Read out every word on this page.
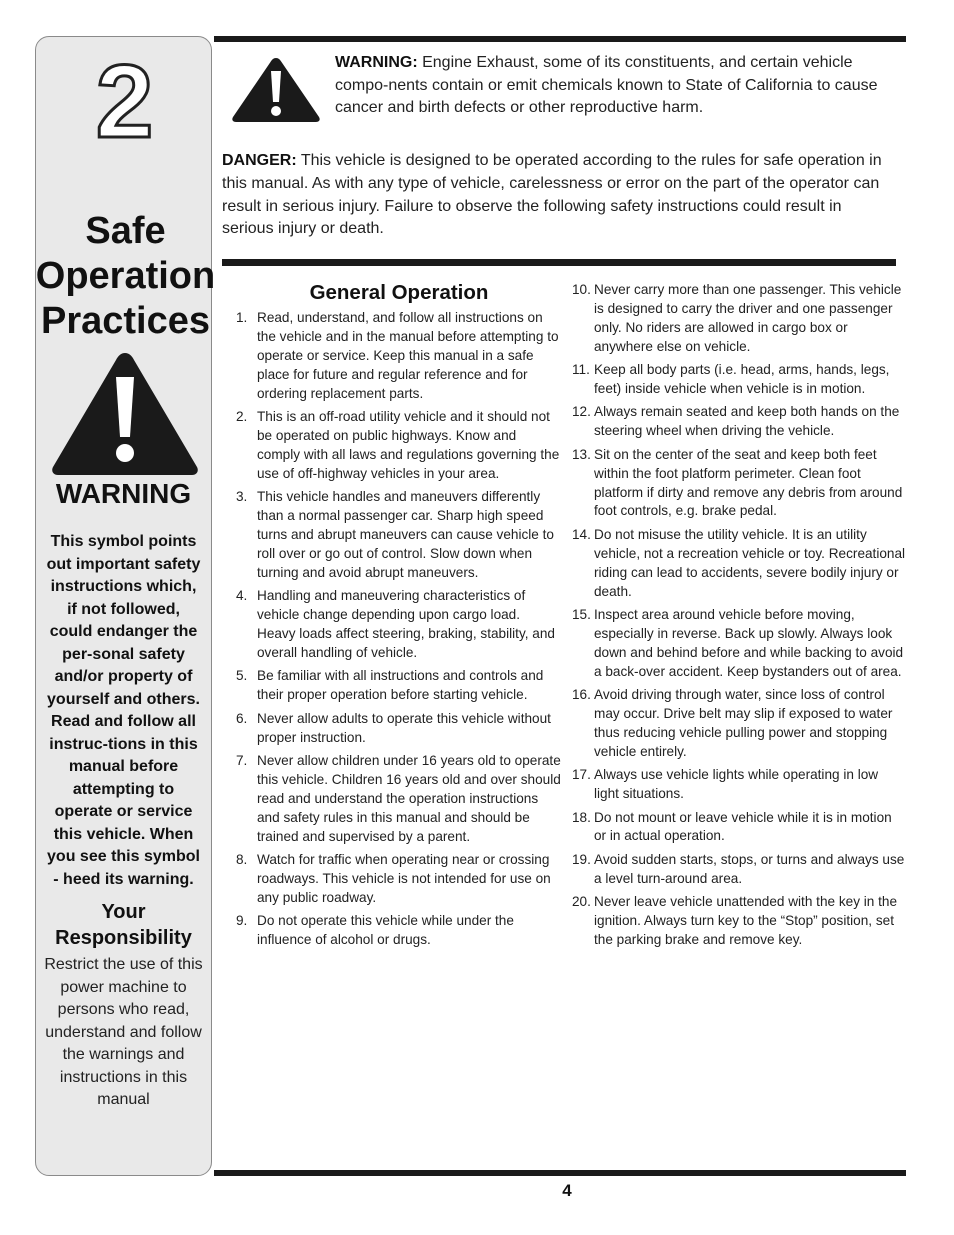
2
Safe
Operation
Practices
WARNING
This symbol points out important safety instructions which, if not followed, could endanger the per-sonal safety and/or property of yourself and others. Read and follow all instruc-tions in this manual before attempting to operate or service this vehicle. When you see this symbol - heed its warning.
Your
Responsibility
Restrict the use of this power machine to persons who read, understand and follow the warnings and instructions in this manual
WARNING: Engine Exhaust, some of its constituents, and certain vehicle compo-nents contain or emit chemicals known to State of California to cause cancer and birth defects or other reproductive harm.
DANGER: This vehicle is designed to be operated according to the rules for safe operation in this manual. As with any type of vehicle, carelessness or error on the part of the operator can result in serious injury. Failure to observe the following safety instructions could result in serious injury or death.
General Operation
1. Read, understand, and follow all instructions on the vehicle and in the manual before attempting to operate or service. Keep this manual in a safe place for future and regular reference and for ordering replacement parts.
2. This is an off-road utility vehicle and it should not be operated on public highways. Know and comply with all laws and regulations governing the use of off-highway vehicles in your area.
3. This vehicle handles and maneuvers differently than a normal passenger car. Sharp high speed turns and abrupt maneuvers can cause vehicle to roll over or go out of control. Slow down when turning and avoid abrupt maneuvers.
4. Handling and maneuvering characteristics of vehicle change depending upon cargo load. Heavy loads affect steering, braking, stability, and overall handling of vehicle.
5. Be familiar with all instructions and controls and their proper operation before starting vehicle.
6. Never allow adults to operate this vehicle without proper instruction.
7. Never allow children under 16 years old to operate this vehicle. Children 16 years old and over should read and understand the operation instructions and safety rules in this manual and should be trained and supervised by a parent.
8. Watch for traffic when operating near or crossing roadways. This vehicle is not intended for use on any public roadway.
9. Do not operate this vehicle while under the influence of alcohol or drugs.
10. Never carry more than one passenger. This vehicle is designed to carry the driver and one passenger only. No riders are allowed in cargo box or anywhere else on vehicle.
11. Keep all body parts (i.e. head, arms, hands, legs, feet) inside vehicle when vehicle is in motion.
12. Always remain seated and keep both hands on the steering wheel when driving the vehicle.
13. Sit on the center of the seat and keep both feet within the foot platform perimeter. Clean foot platform if dirty and remove any debris from around foot controls, e.g. brake pedal.
14. Do not misuse the utility vehicle. It is an utility vehicle, not a recreation vehicle or toy. Recreational riding can lead to accidents, severe bodily injury or death.
15. Inspect area around vehicle before moving, especially in reverse. Back up slowly. Always look down and behind before and while backing to avoid a back-over accident. Keep bystanders out of area.
16. Avoid driving through water, since loss of control may occur. Drive belt may slip if exposed to water thus reducing vehicle pulling power and stopping vehicle entirely.
17. Always use vehicle lights while operating in low light situations.
18. Do not mount or leave vehicle while it is in motion or in actual operation.
19. Avoid sudden starts, stops, or turns and always use a level turn-around area.
20. Never leave vehicle unattended with the key in the ignition. Always turn key to the “Stop” position, set the parking brake and remove key.
4
